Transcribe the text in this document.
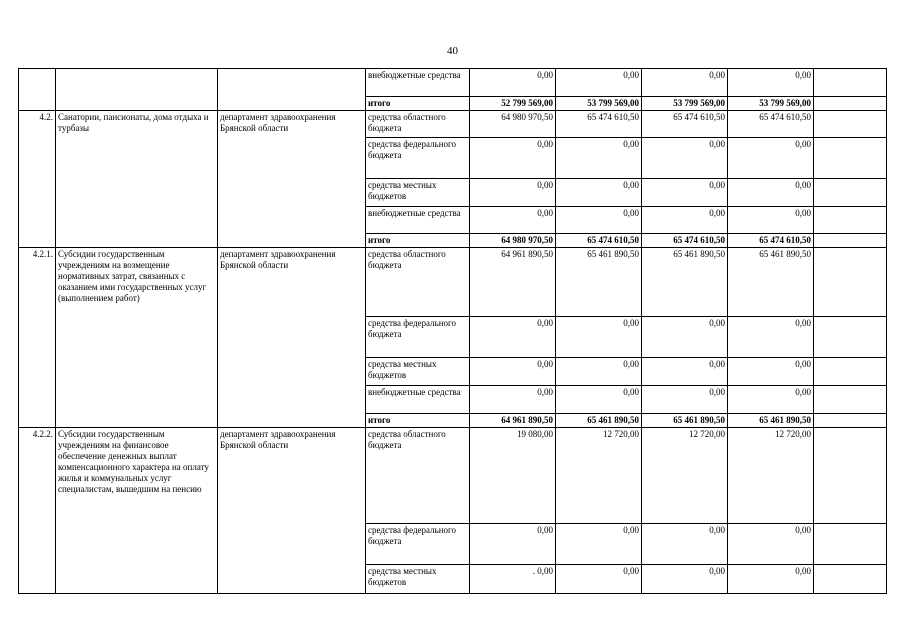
40
			внебюджетные средства	0,00	0,00	0,00	0,00	
			итого	52 799 569,00	53 799 569,00	53 799 569,00	53 799 569,00	
4.2.	Санатории, пансионаты, дома отдыха и турбазы	департамент здравоохранения Брянской области	средства областного бюджета	64 980 970,50	65 474 610,50	65 474 610,50	65 474 610,50	
			средства федерального бюджета	0,00	0,00	0,00	0,00	
			средства местных бюджетов	0,00	0,00	0,00	0,00	
			внебюджетные средства	0,00	0,00	0,00	0,00	
			итого	64 980 970,50	65 474 610,50	65 474 610,50	65 474 610,50	
4.2.1.	Субсидии государственным учреждениям на возмещение нормативных затрат, связанных с оказанием ими государственных услуг (выполнением работ)	департамент здравоохранения Брянской области	средства областного бюджета	64 961 890,50	65 461 890,50	65 461 890,50	65 461 890,50	
			средства федерального бюджета	0,00	0,00	0,00	0,00	
			средства местных бюджетов	0,00	0,00	0,00	0,00	
			внебюджетные средства	0,00	0,00	0,00	0,00	
			итого	64 961 890,50	65 461 890,50	65 461 890,50	65 461 890,50	
4.2.2.	Субсидии государственным учреждениям на финансовое обеспечение денежных выплат компенсационного характера на оплату жилья и коммунальных услуг специалистам, вышедшим на пенсию	департамент здравоохранения Брянской области	средства областного бюджета	19 080,00	12 720,00	12 720,00	12 720,00	
			средства федерального бюджета	0,00	0,00	0,00	0,00	
			средства местных бюджетов	. 0,00	0,00	0,00	0,00	
